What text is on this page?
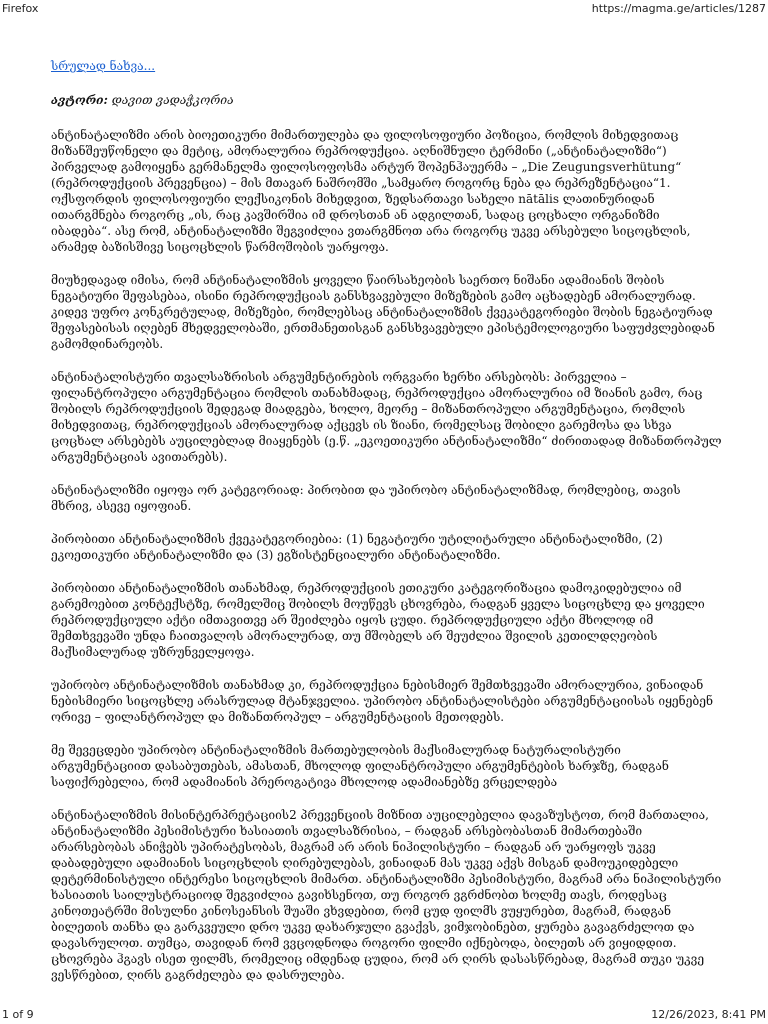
Firefox	https://magma.ge/articles/1287
სრულად ნახვა...

ავტორი: დავით ვადაჭკორია

ანტინატალიზმი არის ბიოეთიკური მიმართულება და ფილოსოფიური პოზიცია, რომლის მიხედვითაც მიზანშეუწონელი და მეტიც, ამორალურია რეპროდუქცია. აღნიშნული ტერმინი („ანტინატალიზმი“) პირველად გამოიყენა გერმანელმა ფილოსოფოსმა არტურ შოპენჰაუერმა – „Die Zeugungsverhütung“ (რეპროდუქციის პრევენცია) – მის მთავარ ნაშრომში „სამყარო როგორც ნება და რეპრეზენტაცია“1. ოქსფორდის ფილოსოფიური ლექსიკონის მიხედვით, ზედსართავი სახელი nātālis ლათინურიდან ითარგმნება როგორც „ის, რაც კავშირშია იმ დროსთან ან ადგილთან, სადაც ცოცხალი ორგანიზმი იბადება“. ასე რომ, ანტინატალიზმი შეგვიძლია ვთარგმნოთ არა როგორც უკვე არსებული სიცოცხლის, არამედ ბაზისშივე სიცოცხლის წარმოშობის უარყოფა.

მიუხედავად იმისა, რომ ანტინატალიზმის ყოველი წაირსახეობის საერთო ნიშანი ადამიანის შობის ნეგატიური შეფასებაა, ისინი რეპროდუქციას განსხვავებული მიზეზების გამო აცხადებენ ამორალურად. კიდევ უფრო კონკრეტულად, მიზეზები, რომლებსაც ანტინატალიზმის ქვეკატეგორიები შობის ნეგატიურად შეფასებისას იღებენ მხედველობაში, ერთმანეთისგან განსხვავებული ეპისტემოლოგიური საფუძვლებიდან გამომდინარეობს.

ანტინატალისტური თვალსაზრისის არგუმენტირების ორგვარი ხერხი არსებობს: პირველია – ფილანტროპული არგუმენტაცია რომლის თანახმადაც, რეპროდუქცია ამორალურია იმ ზიანის გამო, რაც შობილს რეპროდუქციის შედეგად მიადგება, ხოლო, მეორე – მიზანთროპული არგუმენტაცია, რომლის მიხედვითაც, რეპროდუქციას ამორალურად აქცევს ის ზიანი, რომელსაც შობილი გარემოსა და სხვა ცოცხალ არსებებს აუცილებლად მიაყენებს (ე.წ. „ეკოეთიკური ანტინატალიზმი“ ძირითადად მიზანთროპულ არგუმენტაციას ავითარებს).

ანტინატალიზმი იყოფა ორ კატეგორიად: პირობით და უპირობო ანტინატალიზმად, რომლებიც, თავის მხრივ, ასევე იყოფიან.

პირობითი ანტინატალიზმის ქვეკატეგორიებია: (1) ნეგატიური უტილიტარული ანტინატალიზმი, (2) ეკოეთიკური ანტინატალიზმი და (3) ეგზისტენციალური ანტინატალიზმი.

პირობითი ანტინატალიზმის თანახმად, რეპროდუქციის ეთიკური კატეგორიზაცია დამოკიდებულია იმ გარემოებით კონტექსტზე, რომელშიც შობილს მოუწევს ცხოვრება, რადგან ყველა სიცოცხლე და ყოველი რეპროდუქციული აქტი იმთავითვე არ შეიძლება იყოს ცუდი. რეპროდუქციული აქტი მხოლოდ იმ შემთხვევაში უნდა ჩაითვალოს ამორალურად, თუ მშობელს არ შეუძლია შვილის კეთილდღეობის მაქსიმალურად უზრუნველყოფა.

უპირობო ანტინატალიზმის თანახმად კი, რეპროდუქცია ნებისმიერ შემთხვევაში ამორალურია, ვინაიდან ნებისმიერი სიცოცხლე არასრულად მტანჯველია. უპირობო ანტინატალისტები არგუმენტაციისას იყენებენ ორივე – ფილანტროპულ და მიზანთროპულ – არგუმენტაციის მეთოდებს.

მე შევეცდები უპირობო ანტინატალიზმის მართებულობის მაქსიმალურად ნატურალისტური არგუმენტაციით დასაბუთებას, ამასთან, მხოლოდ ფილანტროპული არგუმენტების ხარჯზე, რადგან საფიქრებელია, რომ ადამიანის პრეროგატივა მხოლოდ ადამიანებზე ვრცელდება

ანტინატალიზმის მისინტერპრეტაციის2 პრევენციის მიზნით აუცილებელია დავაზუსტოთ, რომ მართალია, ანტინატალიზმი პესიმისტური ხასიათის თვალსაზრისია, – რადგან არსებობასთან მიმართებაში არარსებობას ანიჭებს უპირატესობას, მაგრამ არ არის ნიჰილისტური – რადგან არ უარყოფს უკვე დაბადებული ადამიანის სიცოცხლის ღირებულებას, ვინაიდან მას უკვე აქვს მისგან დამოუკიდებელი დეტერმინისტული ინტერესი სიცოცხლის მიმართ. ანტინატალიზმი პესიმისტური, მაგრამ არა ნიჰილისტური ხასიათის საილუსტრაციოდ შეგვიძლია გავიხსენოთ, თუ როგორ ვგრძნობთ ხოლმე თავს, როდესაც კინოთეატრში მისულნი კინოსეანსის შუაში ვხვდებით, რომ ცუდ ფილმს ვუყურებთ, მაგრამ, რადგან ბილეთის თანხა და გარკვეული დრო უკვე დახარჯული გვაქვს, ვიმჯობინებთ, ყურება გავაგრძელოთ და დავასრულოთ. თუმცა, თავიდან რომ ვვცოდნოდა როგორი ფილმი იქნებოდა, ბილეთს არ ვიყიდდით. ცხოვრება ჰგავს ისეთ ფილმს, რომელიც იმდენად ცუდია, რომ არ ღირს დასასწრებად, მაგრამ თუკი უკვე ვესწრებით, ღირს გაგრძელება და დასრულება.

1 of 9	12/26/2023, 8:41 PM
